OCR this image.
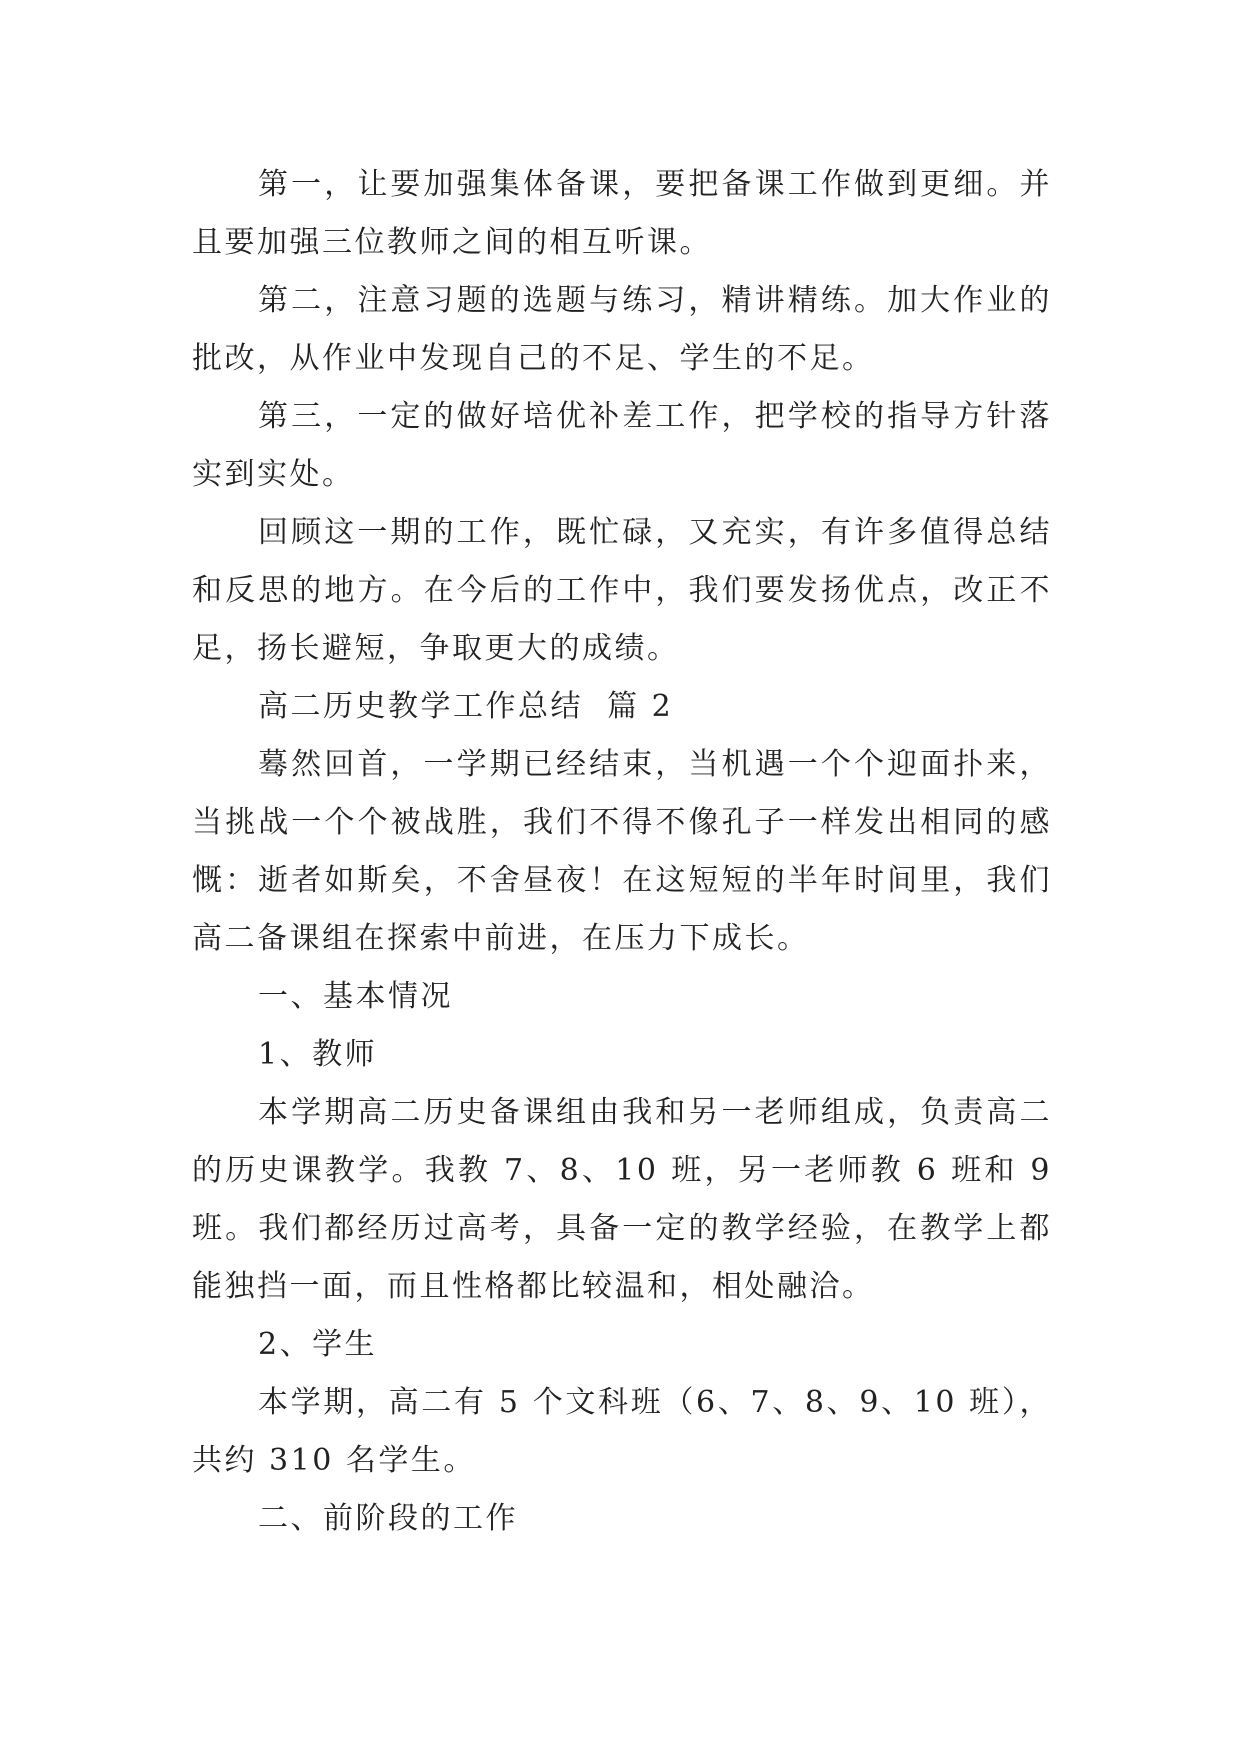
第一，让要加强集体备课，要把备课工作做到更细。并且要加强三位教师之间的相互听课。

第二，注意习题的选题与练习，精讲精练。加大作业的批改，从作业中发现自己的不足、学生的不足。

第三，一定的做好培优补差工作，把学校的指导方针落实到实处。

回顾这一期的工作，既忙碌，又充实，有许多值得总结和反思的地方。在今后的工作中，我们要发扬优点，改正不足，扬长避短，争取更大的成绩。

高二历史教学工作总结  篇 2

蓦然回首，一学期已经结束，当机遇一个个迎面扑来，当挑战一个个被战胜，我们不得不像孔子一样发出相同的感慨：逝者如斯矣，不舍昼夜！在这短短的半年时间里，我们高二备课组在探索中前进，在压力下成长。

一、基本情况

1、教师

本学期高二历史备课组由我和另一老师组成，负责高二的历史课教学。我教 7、8、10 班，另一老师教 6 班和 9 班。我们都经历过高考，具备一定的教学经验，在教学上都能独挡一面，而且性格都比较温和，相处融洽。

2、学生

本学期，高二有 5 个文科班（6、7、8、9、10 班），共约 310 名学生。

二、前阶段的工作
